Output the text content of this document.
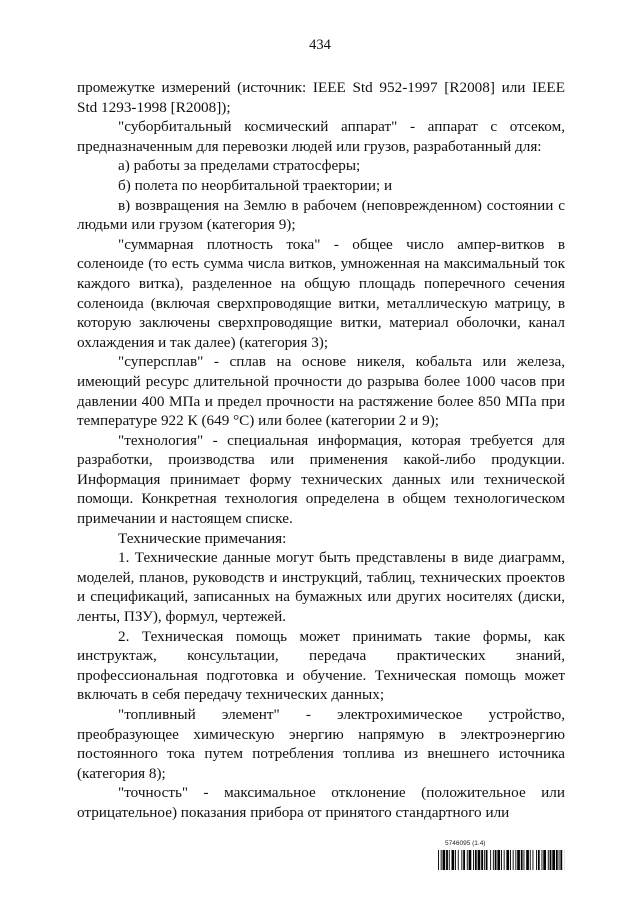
434

промежутке измерений (источник: IEEE Std 952-1997 [R2008] или IEEE Std 1293-1998 [R2008]);

"суборбитальный космический аппарат" - аппарат с отсеком, предназначенным для перевозки людей или грузов, разработанный для:

а) работы за пределами стратосферы;

б) полета по неорбитальной траектории; и

в) возвращения на Землю в рабочем (неповрежденном) состоянии с людьми или грузом (категория 9);

"суммарная плотность тока" - общее число ампер-витков в соленоиде (то есть сумма числа витков, умноженная на максимальный ток каждого витка), разделенное на общую площадь поперечного сечения соленоида (включая сверхпроводящие витки, металлическую матрицу, в которую заключены сверхпроводящие витки, материал оболочки, канал охлаждения и так далее) (категория 3);

"суперсплав" - сплав на основе никеля, кобальта или железа, имеющий ресурс длительной прочности до разрыва более 1000 часов при давлении 400 МПа и предел прочности на растяжение более 850 МПа при температуре 922 К (649 °C) или более (категории 2 и 9);

"технология" - специальная информация, которая требуется для разработки, производства или применения какой-либо продукции. Информация принимает форму технических данных или технической помощи. Конкретная технология определена в общем технологическом примечании и настоящем списке.

Технические примечания:

1. Технические данные могут быть представлены в виде диаграмм, моделей, планов, руководств и инструкций, таблиц, технических проектов и спецификаций, записанных на бумажных или других носителях (диски, ленты, ПЗУ), формул, чертежей.

2. Техническая помощь может принимать такие формы, как инструктаж, консультации, передача практических знаний, профессиональная подготовка и обучение. Техническая помощь может включать в себя передачу технических данных;

"топливный элемент" - электрохимическое устройство, преобразующее химическую энергию напрямую в электроэнергию постоянного тока путем потребления топлива из внешнего источника (категория 8);

"точность" - максимальное отклонение (положительное или отрицательное) показания прибора от принятого стандартного или

5746095 (1.4)
